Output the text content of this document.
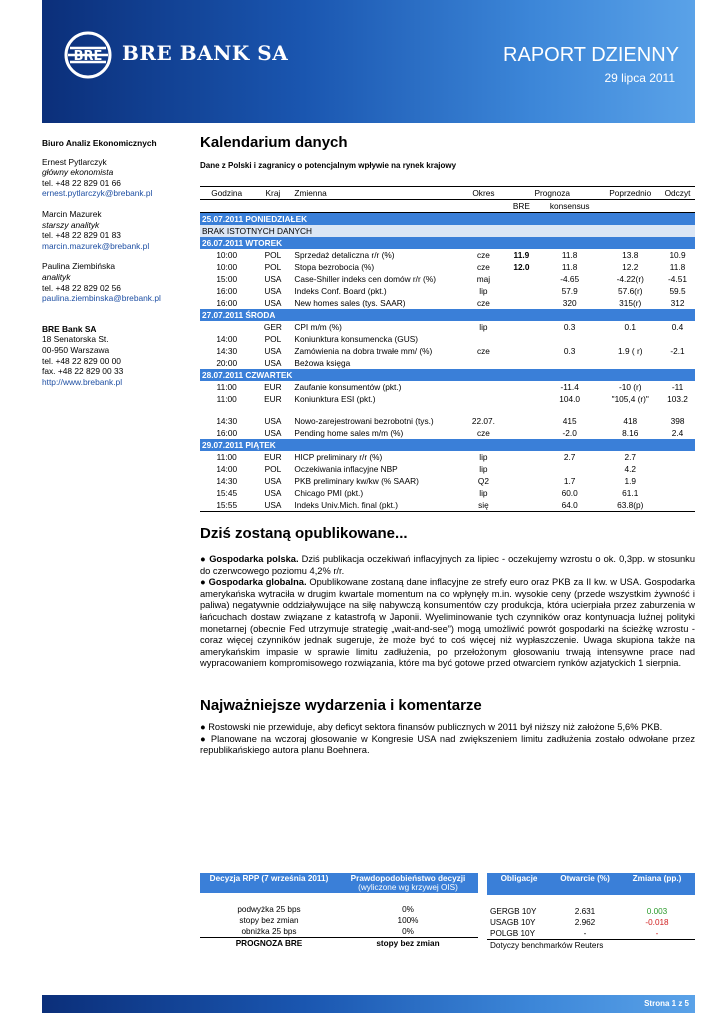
BRE BRE BANK SA	RAPORT DZIENNY
29 lipca 2011
Biuro Analiz Ekonomicznych
Ernest Pytlarczyk
główny ekonomista
tel. +48 22 829 01 66
ernest.pytlarczyk@brebank.pl
Marcin Mazurek
starszy analityk
tel. +48 22 829 01 83
marcin.mazurek@brebank.pl
Paulina Ziembińska
analityk
tel. +48 22 829 02 56
paulina.ziembinska@brebank.pl
BRE Bank SA
18 Senatorska St.
00-950 Warszawa
tel. +48 22 829 00 00
fax. +48 22 829 00 33
http://www.brebank.pl
Kalendarium danych
Dane z Polski i zagranicy o potencjalnym wpływie na rynek krajowy
Godzina	Kraj	Zmienna	Okres	Prognoza		Poprzednio	Odczyt
				BRE	konsensus		
25.07.2011 PONIEDZIAŁEK							
BRAK ISTOTNYCH DANYCH							
26.07.2011 WTOREK							
10:00	POL	Sprzedaż detaliczna r/r (%)	cze	11.9	11.8	13.8	10.9
10:00	POL	Stopa bezrobocia (%)	cze	12.0	11.8	12.2	11.8
15:00	USA	Case-Shiller indeks cen domów r/r (%)	maj		-4.65	-4.22(r)	-4.51
16:00	USA	Indeks Conf. Board (pkt.)	lip		57.9	57.6(r)	59.5
16:00	USA	New homes sales (tys. SAAR)	cze		320	315(r)	312
27.07.2011 ŚRODA							
	GER	CPI m/m (%)	lip		0.3	0.1	0.4
14:00	POL	Koniunktura konsumencka (GUS)					
14:30	USA	Zamówienia na dobra trwałe mm/ (%)	cze		0.3	1.9 ( r)	-2.1
20:00	USA	Beżowa księga					
28.07.2011 CZWARTEK							
11:00	EUR	Zaufanie konsumentów (pkt.)			-11.4	-10 (r)	-11
11:00	EUR	Koniunktura ESI (pkt.)			104.0	"105,4 (r)"	103.2
14:30	USA	Nowo-zarejestrowani bezrobotni (tys.)	22.07.		415	418	398
16:00	USA	Pending home sales m/m (%)	cze		-2.0	8.16	2.4
29.07.2011 PIĄTEK							
11:00	EUR	HICP preliminary r/r (%)	lip		2.7	2.7	
14:00	POL	Oczekiwania inflacyjne NBP	lip			4.2	
14:30	USA	PKB preliminary kw/kw (% SAAR)	Q2		1.7	1.9	
15:45	USA	Chicago PMI (pkt.)	lip		60.0	61.1	
15:55	USA	Indeks Univ.Mich. final (pkt.)	się		64.0	63.8(p)	
Dziś zostaną opublikowane...

● Gospodarka polska. Dziś publikacja oczekiwań inflacyjnych za lipiec - oczekujemy wzrostu o ok. 0,3pp. w stosunku do czerwcowego poziomu 4,2% r/r.

● Gospodarka globalna. Opublikowane zostaną dane inflacyjne ze strefy euro oraz PKB za II kw. w USA. Gospodarka amerykańska wytraciła w drugim kwartale momentum na co wpłynęły m.in. wysokie ceny (przede wszystkim żywność i paliwa) negatywnie oddziaływujące na siłę nabywczą konsumentów czy produkcja, która ucierpiała przez zaburzenia w łańcuchach dostaw związane z katastrofą w Japonii. Wyeliminowanie tych czynników oraz kontynuacja luźnej polityki monetarnej (obecnie Fed utrzymuje strategię „wait-and-see”) mogą umożliwić powrót gospodarki na ścieżkę wzrostu - coraz więcej czynników jednak sugeruje, że może być to coś więcej niż wypłaszczenie. Uwaga skupiona także na amerykańskim impasie w sprawie limitu zadłużenia, po przełożonym głosowaniu trwają intensywne prace nad wypracowaniem kompromisowego rozwiązania, które ma być gotowe przed otwarciem rynków azjatyckich 1 sierpnia.

Najważniejsze wydarzenia i komentarze

● Rostowski nie przewiduje, aby deficyt sektora finansów publicznych w 2011 był niższy niż założone 5,6% PKB.

● Planowane na wczoraj głosowanie w Kongresie USA nad zwiększeniem limitu zadłużenia zostało odwołane przez republikańskiego autora planu Boehnera.

Decyzja RPP (7 września 2011)	Prawdopodobieństwo decyzji
(wyliczone wg krzywej OIS)

podwyżka 25 bps	0%
stopy bez zmian	100%
obniżka 25 bps	0%
PROGNOZA BRE	stopy bez zmian
Obligacje	Otwarcie (%)	Zmiana (pp.)

GERGB 10Y	2.631	0.003
USAGB 10Y	2.962	-0.018
POLGB 10Y	-	-
Dotyczy benchmarków Reuters		
Strona 1 z 5
